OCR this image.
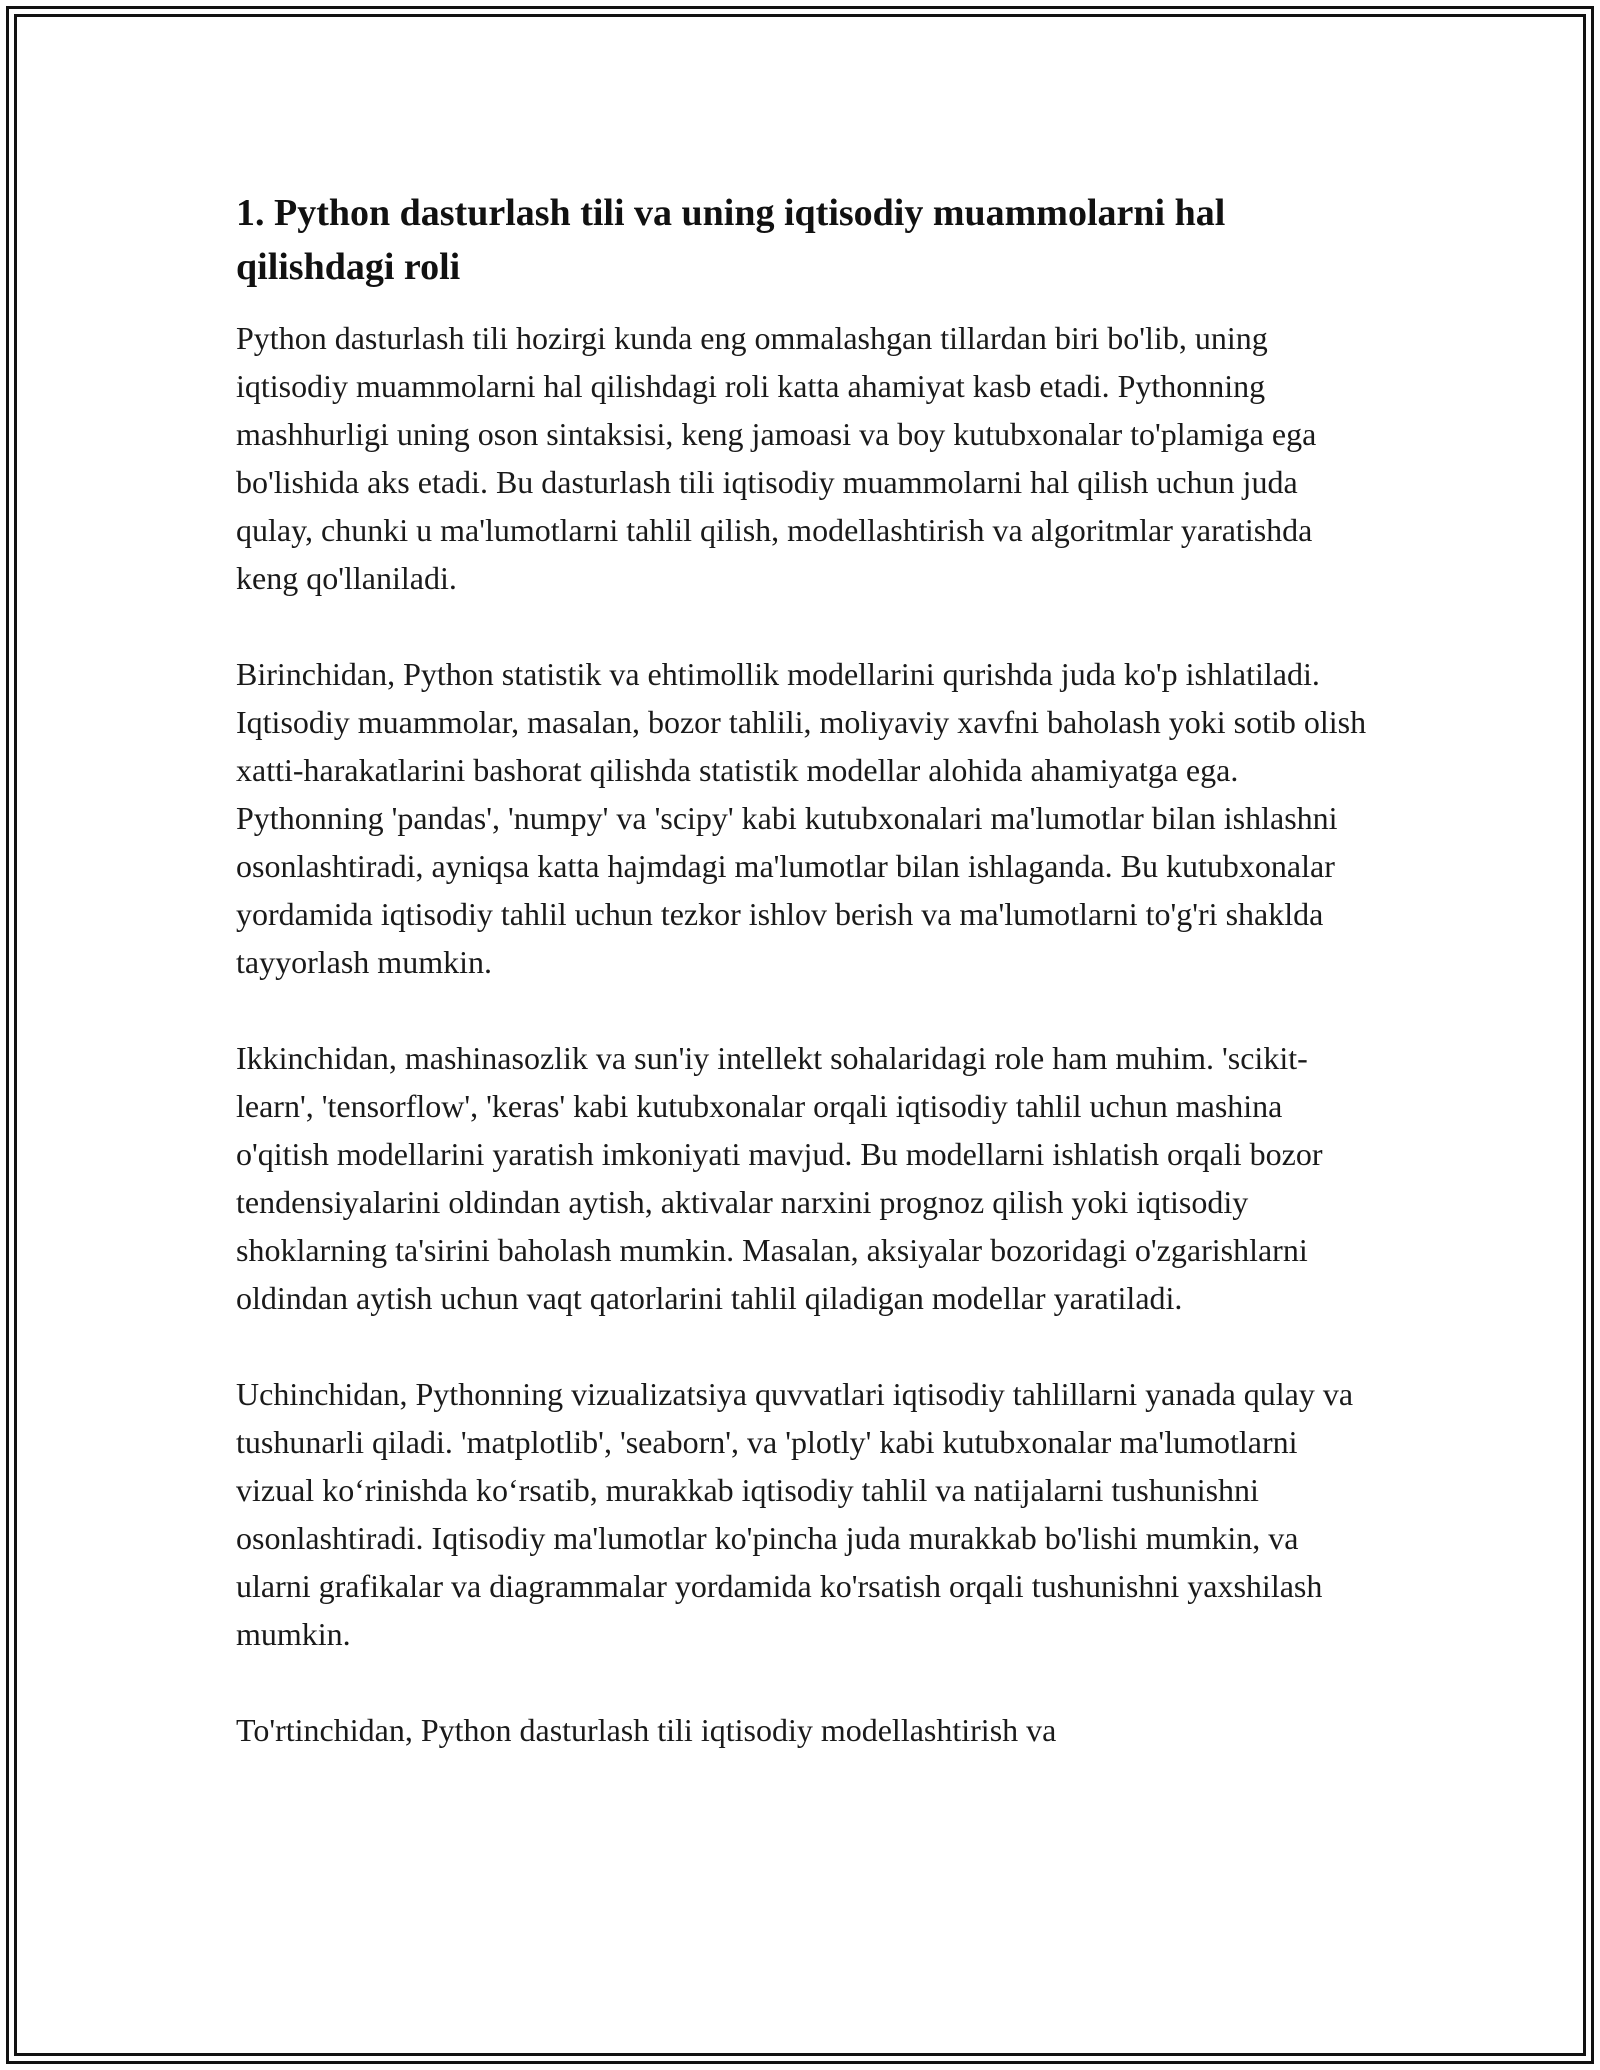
1. Python dasturlash tili va uning iqtisodiy muammolarni hal qilishdagi roli

Python dasturlash tili hozirgi kunda eng ommalashgan tillardan biri bo'lib, uning iqtisodiy muammolarni hal qilishdagi roli katta ahamiyat kasb etadi. Pythonning mashhurligi uning oson sintaksisi, keng jamoasi va boy kutubxonalar to'plamiga ega bo'lishida aks etadi. Bu dasturlash tili iqtisodiy muammolarni hal qilish uchun juda qulay, chunki u ma'lumotlarni tahlil qilish, modellashtirish va algoritmlar yaratishda keng qo'llaniladi.

Birinchidan, Python statistik va ehtimollik modellarini qurishda juda ko'p ishlatiladi. Iqtisodiy muammolar, masalan, bozor tahlili, moliyaviy xavfni baholash yoki sotib olish xatti-harakatlarini bashorat qilishda statistik modellar alohida ahamiyatga ega. Pythonning 'pandas', 'numpy' va 'scipy' kabi kutubxonalari ma'lumotlar bilan ishlashni osonlashtiradi, ayniqsa katta hajmdagi ma'lumotlar bilan ishlaganda. Bu kutubxonalar yordamida iqtisodiy tahlil uchun tezkor ishlov berish va ma'lumotlarni to'g'ri shaklda tayyorlash mumkin.

Ikkinchidan, mashinasozlik va sun'iy intellekt sohalaridagi role ham muhim. 'scikit-learn', 'tensorflow', 'keras' kabi kutubxonalar orqali iqtisodiy tahlil uchun mashina o'qitish modellarini yaratish imkoniyati mavjud. Bu modellarni ishlatish orqali bozor tendensiyalarini oldindan aytish, aktivalar narxini prognoz qilish yoki iqtisodiy shoklarning ta'sirini baholash mumkin. Masalan, aksiyalar bozoridagi o'zgarishlarni oldindan aytish uchun vaqt qatorlarini tahlil qiladigan modellar yaratiladi.

Uchinchidan, Pythonning vizualizatsiya quvvatlari iqtisodiy tahlillarni yanada qulay va tushunarli qiladi. 'matplotlib', 'seaborn', va 'plotly' kabi kutubxonalar ma'lumotlarni vizual koʻrinishda koʻrsatib, murakkab iqtisodiy tahlil va natijalarni tushunishni osonlashtiradi. Iqtisodiy ma'lumotlar ko'pincha juda murakkab bo'lishi mumkin, va ularni grafikalar va diagrammalar yordamida ko'rsatish orqali tushunishni yaxshilash mumkin.

To'rtinchidan, Python dasturlash tili iqtisodiy modellashtirish va
